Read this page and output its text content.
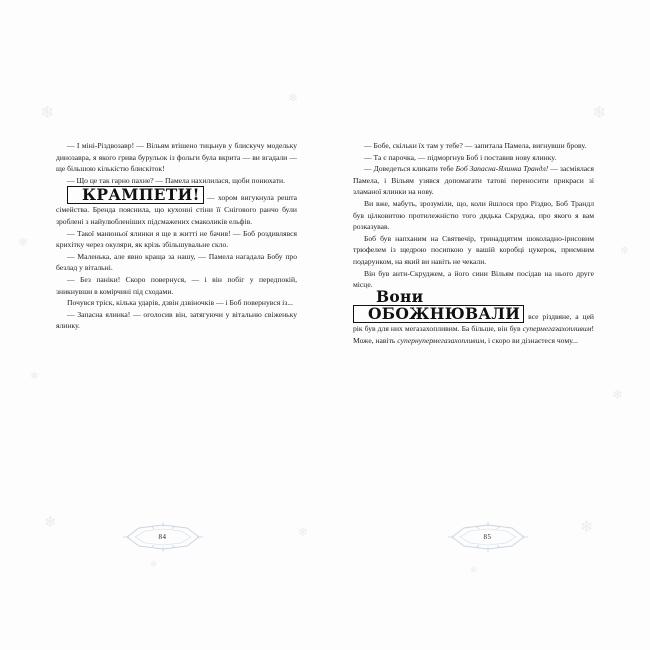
❄
❄
❄
❄
❄
❄
❄
❄
❄	❄
❄
❄

— І міні-Різдвозавр! — Вільям втішено тицьнув у блискучу модельку динозавра, я якого грива бурульок із фольги була вкрита — ви вгадали — ще більшою кількістю блискіток!

— Що це так гарно пахне? — Памела нахилилася, щоби понюхати.

КРАМПЕТИ! — хором вигукнула решта сімейства. Бренда пояснила, що кухонні стіни її Снігового ранчо були зроблені з найулюбленіших підсмажених смаколиків ельфів.

— Такої манюньої ялинки я ще в житті не бачив! — Боб роздивлявся крихітку через окуляри, як крізь збільшувальне скло.

— Маленька, але явно краща за нашу, — Памела нагадала Бобу про безлад у вітальні.

— Без паніки! Скоро повернуся, — і він побіг у передпокій, зникнувши в комірчині під сходами.

Почувся тріск, кілька ударів, дзвін дзвіночків — і Боб повернувся із...

— Запасна ялинка! — оголосив він, затягуючи у вітальню свіженьку ялинку.

84

— Бобе, скільки їх там у тебе? — запитала Памела, вигнувши брову.

— Та є парочка, — підморгнув Боб і поставив нову ялинку.

— Доведеться кликати тебе Боб Запасна-Ялинка Трандл! — засміялася Памела, і Вільям узявся допомагати татові переносити прикраси зі зламаної ялинки на нову.

Ви вже, мабуть, зрозуміли, що, коли йшлося про Різдво, Боб Трандл був цілковитою протилежністю того дядька Скруджа, про якого я вам розказував.

Боб був напханим на Святвечір, тринадцятим шоколадно-ірисовим трюфелем із щедрою посипкою у вашій коробці цукерок, приємним подарунком, на який ви навіть не чекали.

Він був анти-Скруджем, а його сини Вільям посідав на нього друге місце.

Вони ОБОЖНЮВАЛИ все різдвяне, а цей рік був для них мегазахопливим. Ба більше, він був супермегазахопливим! Може, навіть супернупермегазахопливим, і скоро ви дізнаєтеся чому...

85
